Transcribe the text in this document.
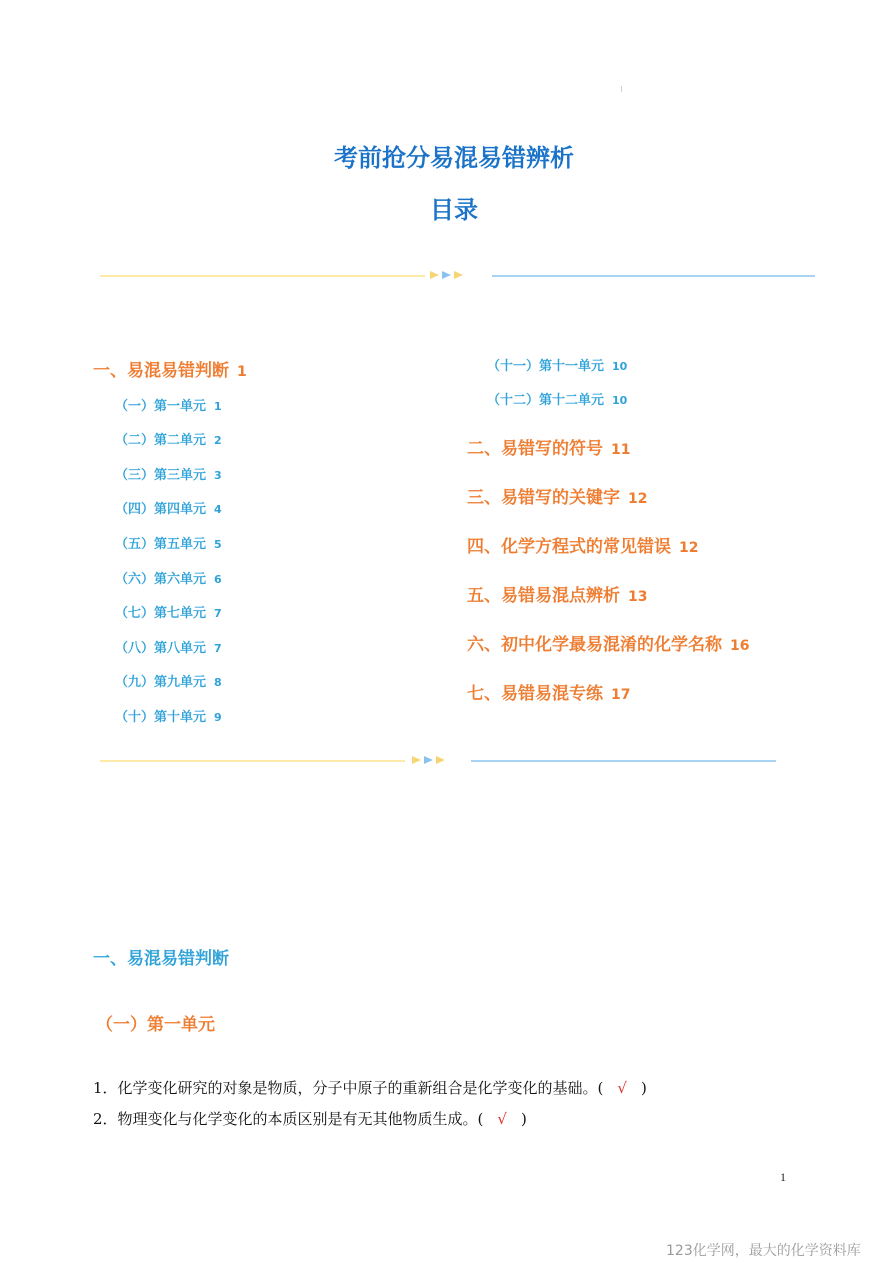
考前抢分易混易错辨析
目录
一、易混易错判断 1
（一）第一单元 1
（二）第二单元 2
（三）第三单元 3
（四）第四单元 4
（五）第五单元 5
（六）第六单元 6
（七）第七单元 7
（八）第八单元 7
（九）第九单元 8
（十）第十单元 9
（十一）第十一单元 10
（十二）第十二单元 10
二、易错写的符号 11
三、易错写的关键字 12
四、化学方程式的常见错误 12
五、易错易混点辨析 13
六、初中化学最易混淆的化学名称 16
七、易错易混专练 17
一、易混易错判断
（一）第一单元
1．化学变化研究的对象是物质，分子中原子的重新组合是化学变化的基础。( √ )
2．物理变化与化学变化的本质区别是有无其他物质生成。( √ )
1
123化学网，最大的化学资料库
